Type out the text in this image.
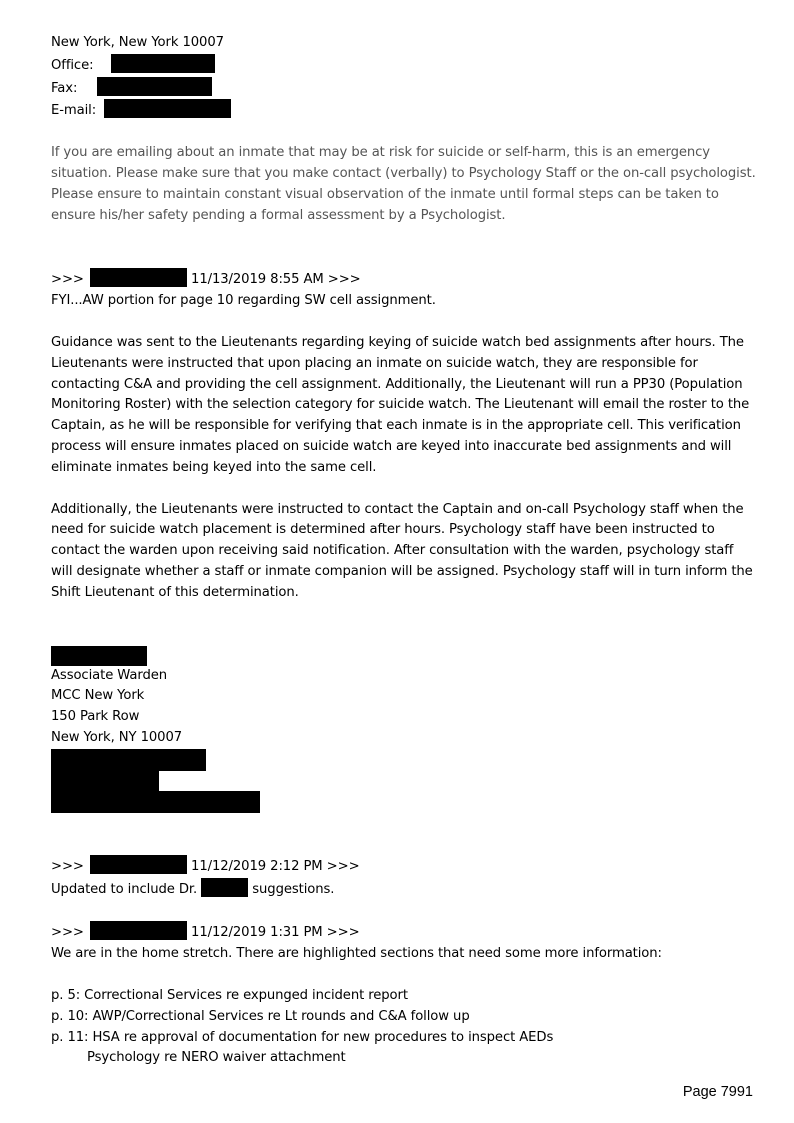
New York, New York 10007
Office:
Fax:
E-mail:
If you are emailing about an inmate that may be at risk for suicide or self-harm, this is an emergency situation. Please make sure that you make contact (verbally) to Psychology Staff or the on-call psychologist. Please ensure to maintain constant visual observation of the inmate until formal steps can be taken to ensure his/her safety pending a formal assessment by a Psychologist.
>>>	11/13/2019 8:55 AM >>>
FYI...AW portion for page 10 regarding SW cell assignment.
Guidance was sent to the Lieutenants regarding keying of suicide watch bed assignments after hours. The Lieutenants were instructed that upon placing an inmate on suicide watch, they are responsible for contacting C&A and providing the cell assignment. Additionally, the Lieutenant will run a PP30 (Population Monitoring Roster) with the selection category for suicide watch. The Lieutenant will email the roster to the Captain, as he will be responsible for verifying that each inmate is in the appropriate cell. This verification process will ensure inmates placed on suicide watch are keyed into inaccurate bed assignments and will eliminate inmates being keyed into the same cell.
Additionally, the Lieutenants were instructed to contact the Captain and on-call Psychology staff when the need for suicide watch placement is determined after hours. Psychology staff have been instructed to contact the warden upon receiving said notification. After consultation with the warden, psychology staff will designate whether a staff or inmate companion will be assigned. Psychology staff will in turn inform the Shift Lieutenant of this determination.
Associate Warden
MCC New York
150 Park Row
New York, NY 10007
>>>	11/12/2019 2:12 PM >>>
Updated to include Dr.	suggestions.
>>>	11/12/2019 1:31 PM >>>
We are in the home stretch. There are highlighted sections that need some more information:
p. 5: Correctional Services re expunged incident report
p. 10: AWP/Correctional Services re Lt rounds and C&A follow up
p. 11: HSA re approval of documentation for new procedures to inspect AEDs
Psychology re NERO waiver attachment
Page 7991
